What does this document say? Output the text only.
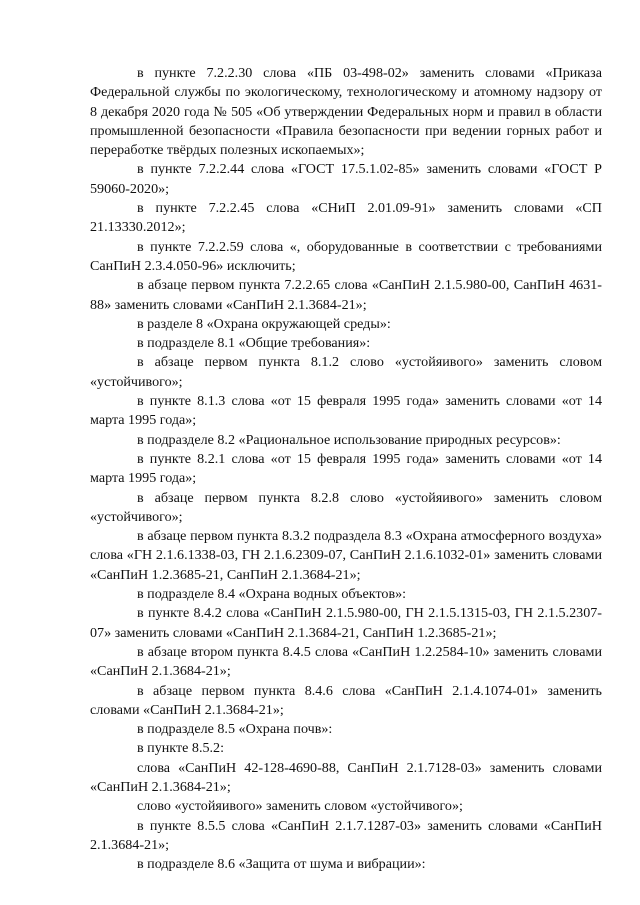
в пункте 7.2.2.30 слова «ПБ 03-498-02» заменить словами «Приказа Федеральной службы по экологическому, технологическому и атомному надзору от 8 декабря 2020 года № 505 «Об утверждении Федеральных норм и правил в области промышленной безопасности «Правила безопасности при ведении горных работ и переработке твёрдых полезных ископаемых»;

в пункте 7.2.2.44 слова «ГОСТ 17.5.1.02-85» заменить словами «ГОСТ Р 59060-2020»;

в пункте 7.2.2.45 слова «СНиП 2.01.09-91» заменить словами «СП 21.13330.2012»;

в пункте 7.2.2.59 слова «, оборудованные в соответствии с требованиями СанПиН 2.3.4.050-96» исключить;

в абзаце первом пункта 7.2.2.65 слова «СанПиН 2.1.5.980-00, СанПиН 4631-88» заменить словами «СанПиН 2.1.3684-21»;

в разделе 8 «Охрана окружающей среды»:

в подразделе 8.1 «Общие требования»:

в абзаце первом пункта 8.1.2 слово «устойяивого» заменить словом «устойчивого»;

в пункте 8.1.3 слова «от 15 февраля 1995 года» заменить словами «от 14 марта 1995 года»;

в подразделе 8.2 «Рациональное использование природных ресурсов»:

в пункте 8.2.1 слова «от 15 февраля 1995 года» заменить словами «от 14 марта 1995 года»;

в абзаце первом пункта 8.2.8 слово «устойяивого» заменить словом «устойчивого»;

в абзаце первом пункта 8.3.2 подраздела 8.3 «Охрана атмосферного воздуха» слова «ГН 2.1.6.1338-03, ГН 2.1.6.2309-07, СанПиН 2.1.6.1032-01» заменить словами «СанПиН 1.2.3685-21, СанПиН 2.1.3684-21»;

в подразделе 8.4 «Охрана водных объектов»:

в пункте 8.4.2 слова «СанПиН 2.1.5.980-00, ГН 2.1.5.1315-03, ГН 2.1.5.2307-07» заменить словами «СанПиН 2.1.3684-21, СанПиН 1.2.3685-21»;

в абзаце втором пункта 8.4.5 слова «СанПиН 1.2.2584-10» заменить словами «СанПиН 2.1.3684-21»;

в абзаце первом пункта 8.4.6 слова «СанПиН 2.1.4.1074-01» заменить словами «СанПиН 2.1.3684-21»;

в подразделе 8.5 «Охрана почв»:

в пункте 8.5.2:

слова «СанПиН 42-128-4690-88, СанПиН 2.1.7128-03» заменить словами «СанПиН 2.1.3684-21»;

слово «устойяивого» заменить словом «устойчивого»;

в пункте 8.5.5 слова «СанПиН 2.1.7.1287-03» заменить словами «СанПиН 2.1.3684-21»;

в подразделе 8.6 «Защита от шума и вибрации»:
